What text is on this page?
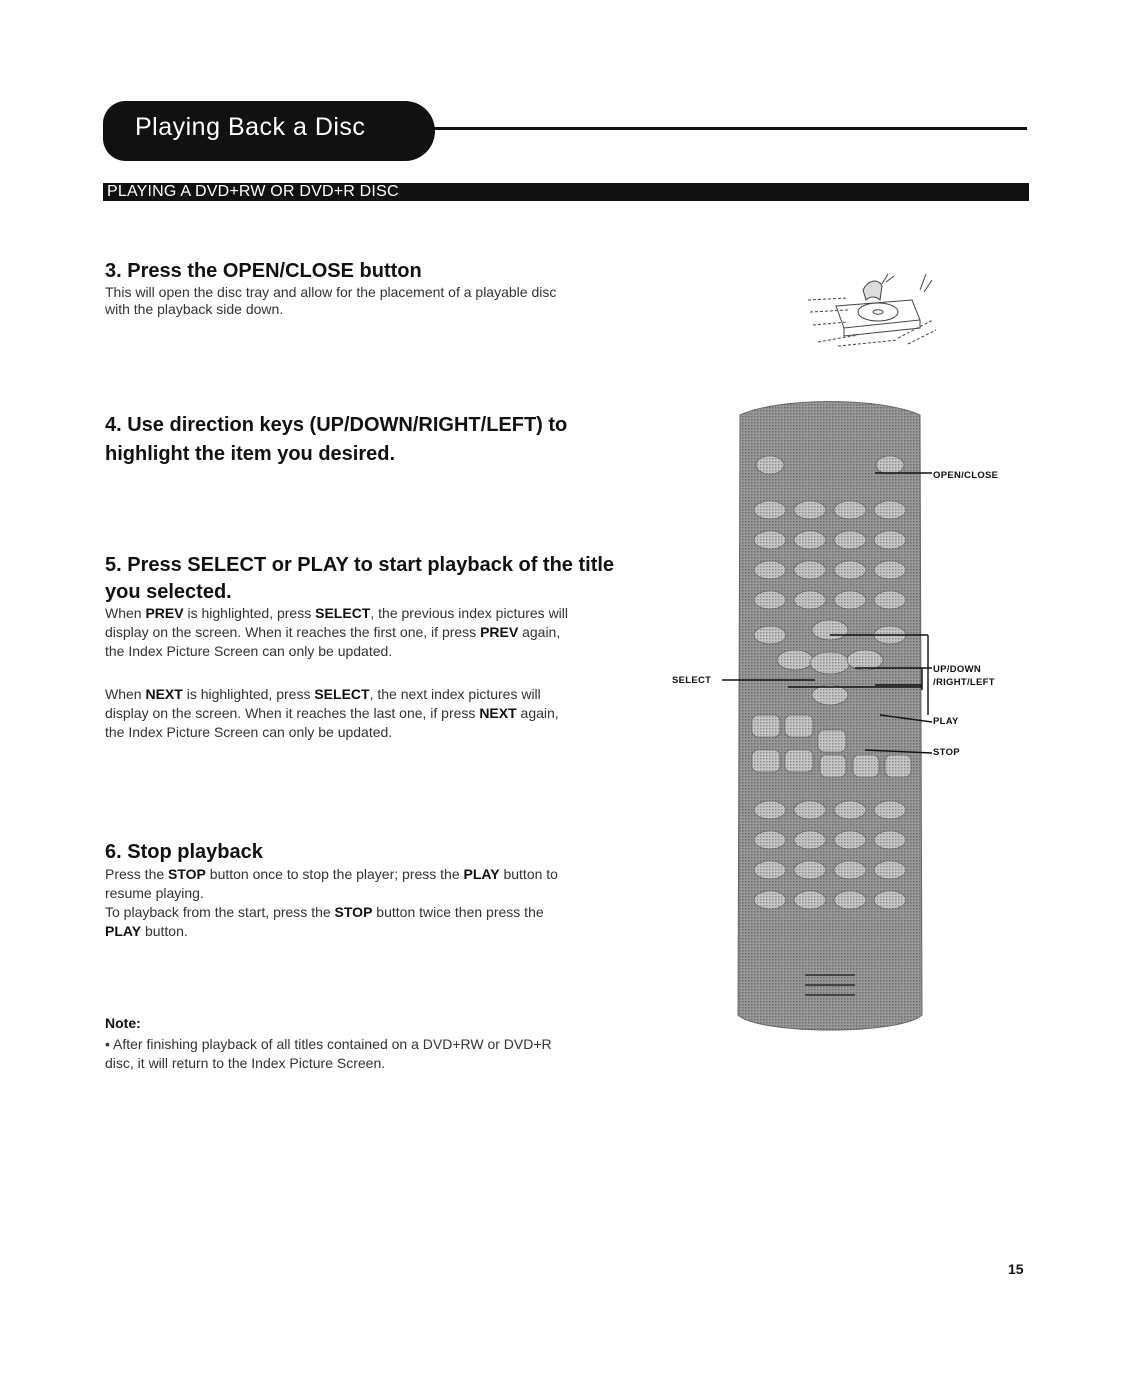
Playing Back a Disc
PLAYING A DVD+RW OR DVD+R DISC
3. Press the OPEN/CLOSE button

This will open the disc tray and allow for the placement of a playable disc

with the playback side down.

4. Use direction keys (UP/DOWN/RIGHT/LEFT) to
highlight the item you desired.
5. Press SELECT or PLAY to start playback of the title
you selected.

When PREV is highlighted, press SELECT, the previous index pictures will

display on the screen. When it reaches the first one, if press PREV again,

the Index Picture Screen can only be updated.

When NEXT is highlighted, press SELECT, the next index pictures will

display on the screen. When it reaches the last one, if press NEXT again,

the Index Picture Screen can only be updated.

6. Stop playback

Press the STOP button once to stop the player; press the PLAY button to

resume playing.

To playback from the start, press the STOP button twice then press the

PLAY button.

Note:

• After finishing playback of all titles contained on a DVD+RW or DVD+R

disc, it will return to the Index Picture Screen.

OPEN/CLOSE
UP/DOWN
/RIGHT/LEFT
PLAY
STOP
SELECT
15
